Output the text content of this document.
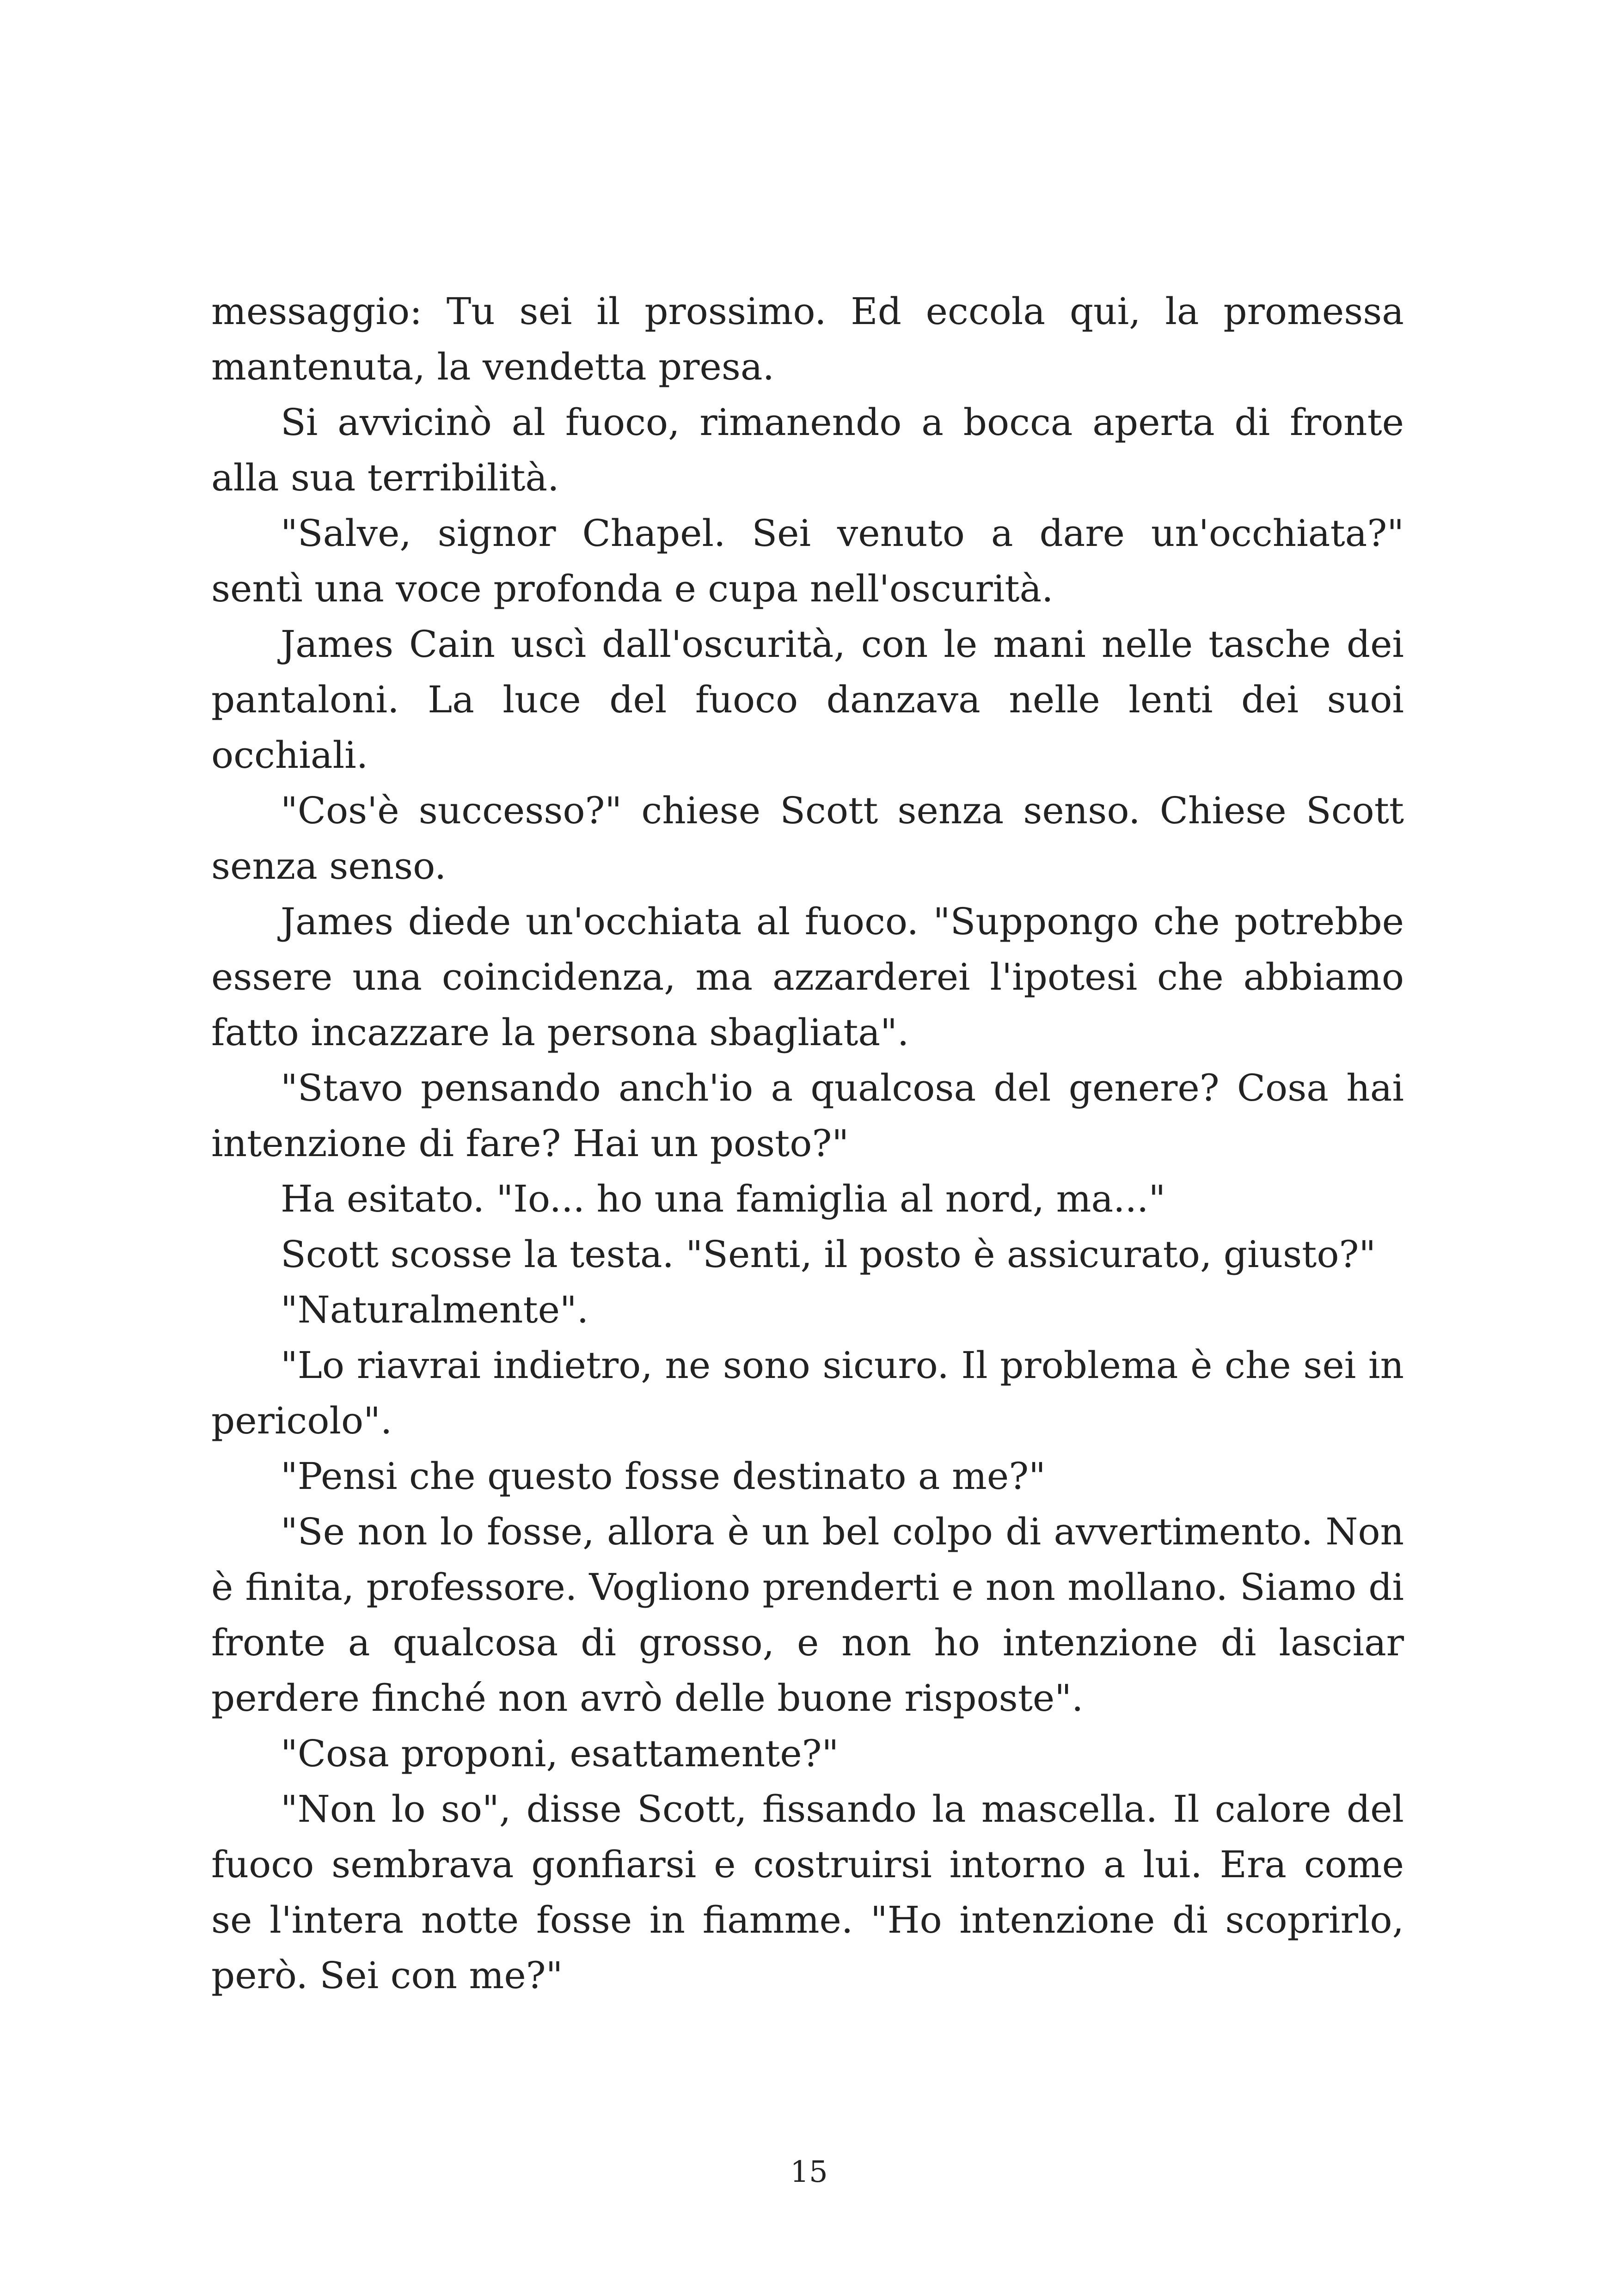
messaggio: Tu sei il prossimo. Ed eccola qui, la promessa mantenuta, la vendetta presa.

Si avvicinò al fuoco, rimanendo a bocca aperta di fronte alla sua terribilità.

"Salve, signor Chapel. Sei venuto a dare un'occhiata?" sentì una voce profonda e cupa nell'oscurità.

James Cain uscì dall'oscurità, con le mani nelle tasche dei pantaloni. La luce del fuoco danzava nelle lenti dei suoi occhiali.

"Cos'è successo?" chiese Scott senza senso. Chiese Scott senza senso.

James diede un'occhiata al fuoco. "Suppongo che potrebbe essere una coincidenza, ma azzarderei l'ipotesi che abbiamo fatto incazzare la persona sbagliata".

"Stavo pensando anch'io a qualcosa del genere? Cosa hai intenzione di fare? Hai un posto?"

Ha esitato. "Io... ho una famiglia al nord, ma..."

Scott scosse la testa. "Senti, il posto è assicurato, giusto?"

"Naturalmente".

"Lo riavrai indietro, ne sono sicuro. Il problema è che sei in pericolo".

"Pensi che questo fosse destinato a me?"

"Se non lo fosse, allora è un bel colpo di avvertimento. Non è finita, professore. Vogliono prenderti e non mollano. Siamo di fronte a qualcosa di grosso, e non ho intenzione di lasciar perdere finché non avrò delle buone risposte".

"Cosa proponi, esattamente?"

"Non lo so", disse Scott, fissando la mascella. Il calore del fuoco sembrava gonfiarsi e costruirsi intorno a lui. Era come se l'intera notte fosse in fiamme. "Ho intenzione di scoprirlo, però. Sei con me?"

15
